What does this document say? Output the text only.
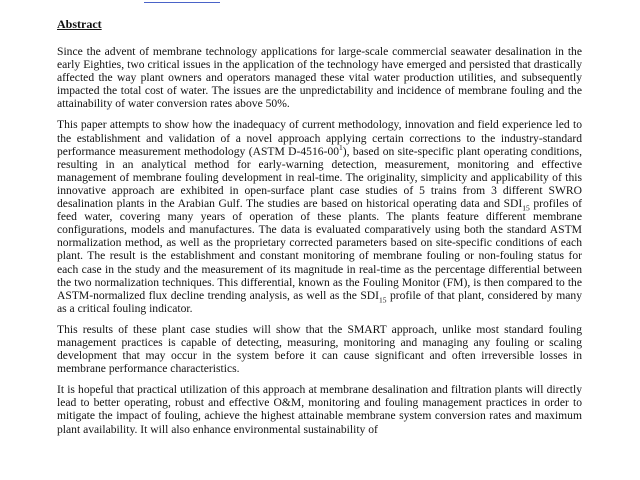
Abstract

Since the advent of membrane technology applications for large-scale commercial seawater desalination in the early Eighties, two critical issues in the application of the technology have emerged and persisted that drastically affected the way plant owners and operators managed these vital water production utilities, and subsequently impacted the total cost of water. The issues are the unpredictability and incidence of membrane fouling and the attainability of water conversion rates above 50%.

This paper attempts to show how the inadequacy of current methodology, innovation and field experience led to the establishment and validation of a novel approach applying certain corrections to the industry-standard performance measurement methodology (ASTM $D-4516-00^1$), based on site-specific plant operating conditions, resulting in an analytical method for early-warning detection, measurement, monitoring and effective management of membrane fouling development in real-time. The originality, simplicity and applicability of this innovative approach are exhibited in open-surface plant case studies of 5 trains from 3 different SWRO desalination plants in the Arabian Gulf. The studies are based on historical operating data and $SDI_{15}$ profiles of feed water, covering many years of operation of these plants. The plants feature different membrane configurations, models and manufactures. The data is evaluated comparatively using both the standard ASTM normalization method, as well as the proprietary corrected parameters based on site-specific conditions of each plant. The result is the establishment and constant monitoring of membrane fouling or non-fouling status for each case in the study and the measurement of its magnitude in real-time as the percentage differential between the two normalization techniques. This differential, known as the Fouling Monitor (FM), is then compared to the ASTM-normalized flux decline trending analysis, as well as the $SDI_{15}$ profile of that plant, considered by many as a critical fouling indicator.

This results of these plant case studies will show that the SMART approach, unlike most standard fouling management practices is capable of detecting, measuring, monitoring and managing any fouling or scaling development that may occur in the system before it can cause significant and often irreversible losses in membrane performance characteristics.

It is hopeful that practical utilization of this approach at membrane desalination and filtration plants will directly lead to better operating, robust and effective O&M, monitoring and fouling management practices in order to mitigate the impact of fouling, achieve the highest attainable membrane system conversion rates and maximum plant availability. It will also enhance environmental sustainability of
